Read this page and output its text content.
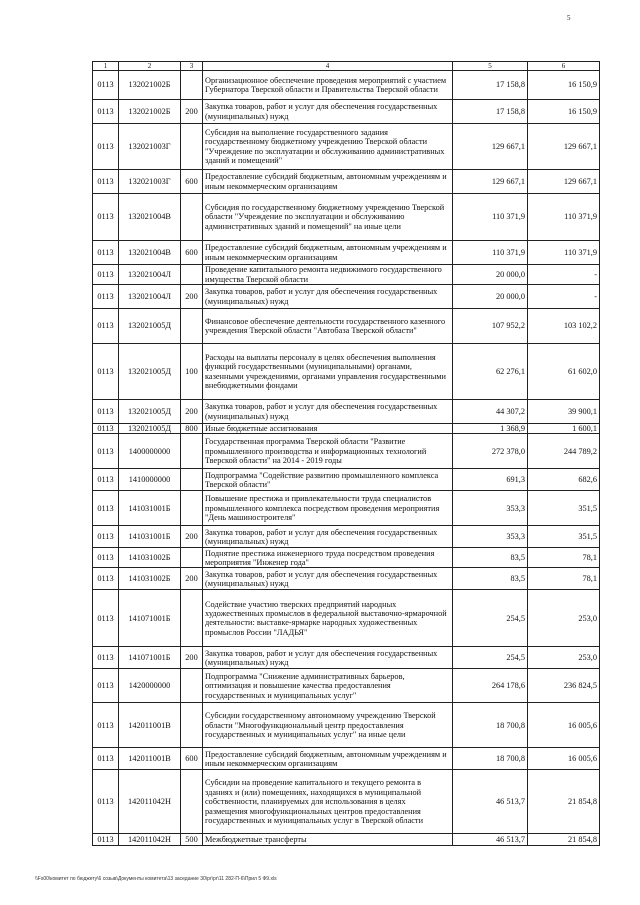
5
1	2	3	4	5	6
0113	132021002Б		Организационное обеспечение проведения мероприятий с участием Губернатора Тверской области и Правительства Тверской области	17 158,8	16 150,9
0113	132021002Б	200	Закупка товаров, работ и услуг для обеспечения государственных (муниципальных) нужд	17 158,8	16 150,9
0113	132021003Г		Субсидия на выполнение государственного задания государственному бюджетному учреждению Тверской области "Учреждение по эксплуатации и обслуживанию административных зданий и помещений"	129 667,1	129 667,1
0113	132021003Г	600	Предоставление субсидий бюджетным, автономным учреждениям и иным некоммерческим организациям	129 667,1	129 667,1
0113	132021004В		Субсидия по государственному бюджетному учреждению Тверской области "Учреждение по эксплуатации и обслуживанию административных зданий и помещений" на иные цели	110 371,9	110 371,9
0113	132021004В	600	Предоставление субсидий бюджетным, автономным учреждениям и иным некоммерческим организациям	110 371,9	110 371,9
0113	132021004Л		Проведение капитального ремонта недвижимого государственного имущества Тверской области	20 000,0	-
0113	132021004Л	200	Закупка товаров, работ и услуг для обеспечения государственных (муниципальных) нужд	20 000,0	-
0113	132021005Д		Финансовое обеспечение деятельности государственного казенного учреждения Тверской области "Автобаза Тверской области"	107 952,2	103 102,2
0113	132021005Д	100	Расходы на выплаты персоналу в целях обеспечения выполнения функций государственными (муниципальными) органами, казенными учреждениями, органами управления государственными внебюджетными фондами	62 276,1	61 602,0
0113	132021005Д	200	Закупка товаров, работ и услуг для обеспечения государственных (муниципальных) нужд	44 307,2	39 900,1
0113	132021005Д	800	Иные бюджетные ассигнования	1 368,9	1 600,1
0113	1400000000		Государственная программа Тверской области "Развитие промышленного производства и информационных технологий Тверской области" на 2014 - 2019 годы	272 378,0	244 789,2
0113	1410000000		Подпрограмма "Содействие развитию промышленного комплекса Тверской области"	691,3	682,6
0113	141031001Б		Повышение престижа и привлекательности труда специалистов промышленного комплекса посредством проведения мероприятия "День машиностроителя"	353,3	351,5
0113	141031001Б	200	Закупка товаров, работ и услуг для обеспечения государственных (муниципальных) нужд	353,3	351,5
0113	141031002Б		Поднятие престижа инженерного труда посредством проведения мероприятия "Инженер года"	83,5	78,1
0113	141031002Б	200	Закупка товаров, работ и услуг для обеспечения государственных (муниципальных) нужд	83,5	78,1
0113	141071001Б		Содействие участию тверских предприятий народных художественных промыслов в федеральной выставочно-ярмарочной деятельности: выставке-ярмарке народных художественных промыслов России "ЛАДЬЯ"	254,5	253,0
0113	141071001Б	200	Закупка товаров, работ и услуг для обеспечения государственных (муниципальных) нужд	254,5	253,0
0113	1420000000		Подпрограмма "Снижение административных барьеров, оптимизация и повышение качества предоставления государственных и муниципальных услуг"	264 178,6	236 824,5
0113	142011001В		Субсидии государственному автономному учреждению Тверской области "Многофункциональный центр предоставления государственных и муниципальных услуг" на иные цели	18 700,8	16 005,6
0113	142011001В	600	Предоставление субсидий бюджетным, автономным учреждениям и иным некоммерческим организациям	18 700,8	16 005,6
0113	142011042Н		Субсидии на проведение капитального и текущего ремонта в зданиях и (или) помещениях, находящихся в муниципальной собственности, планируемых для использования в целях размещения многофункциональных центров предоставления государственных и муниципальных услуг в Тверской области	46 513,7	21 854,8
0113	142011042Н	500	Межбюджетные трансферты	46 513,7	21 854,8
\\Fs00\комитет по бюджету\6 созыв\Документы комитета\13 заседание 30\pr\pr\11 282-П-6\Прил 5 Ф9.xls
